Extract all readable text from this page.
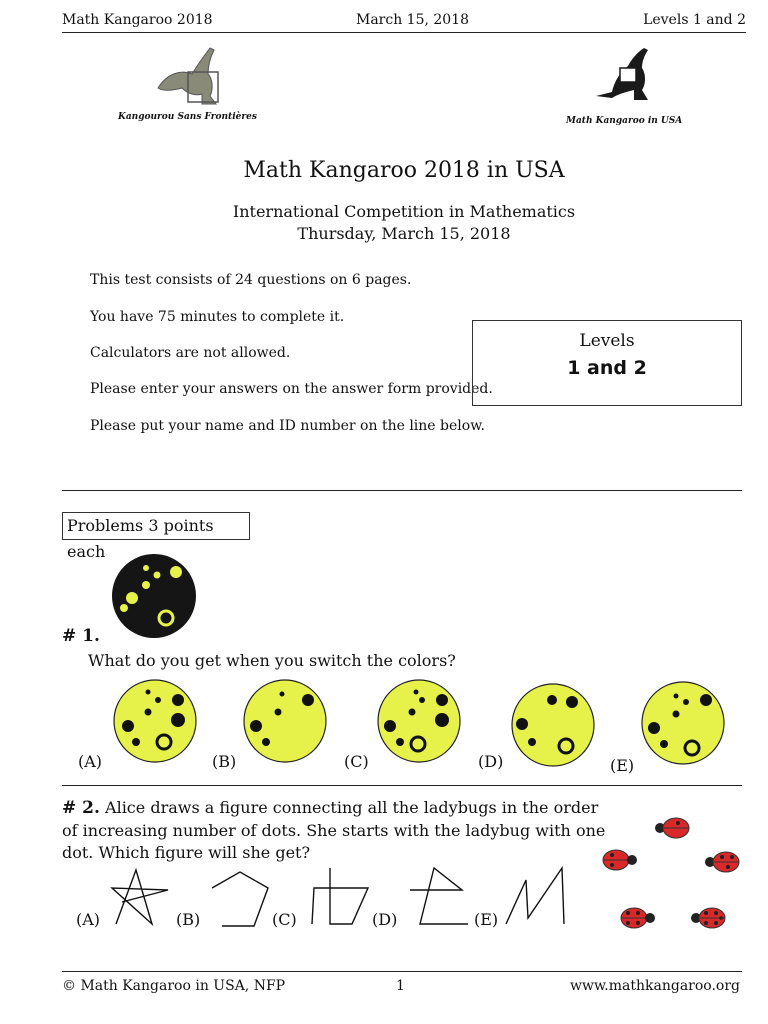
Math Kangaroo 2018	March 15, 2018	Levels 1 and 2
Kangourou Sans Frontières	Math Kangaroo in USA
Math Kangaroo 2018 in USA
International Competition in Mathematics
Thursday, March 15, 2018
This test consists of 24 questions on 6 pages.
You have 75 minutes to complete it.
Calculators are not allowed.
Please enter your answers on the answer form provided.
Please put your name and ID number on the line below.
Levels
1 and 2
Problems 3 points each
# 1.
What do you get when you switch the colors?
(A)	(B)	(C)	(D)	(E)
# 2. Alice draws a figure connecting all the ladybugs in the order
of increasing number of dots. She starts with the ladybug with one
dot. Which figure will she get?
(A)	(B)	(C)	(D)	(E)
© Math Kangaroo in USA, NFP	1	www.mathkangaroo.org
